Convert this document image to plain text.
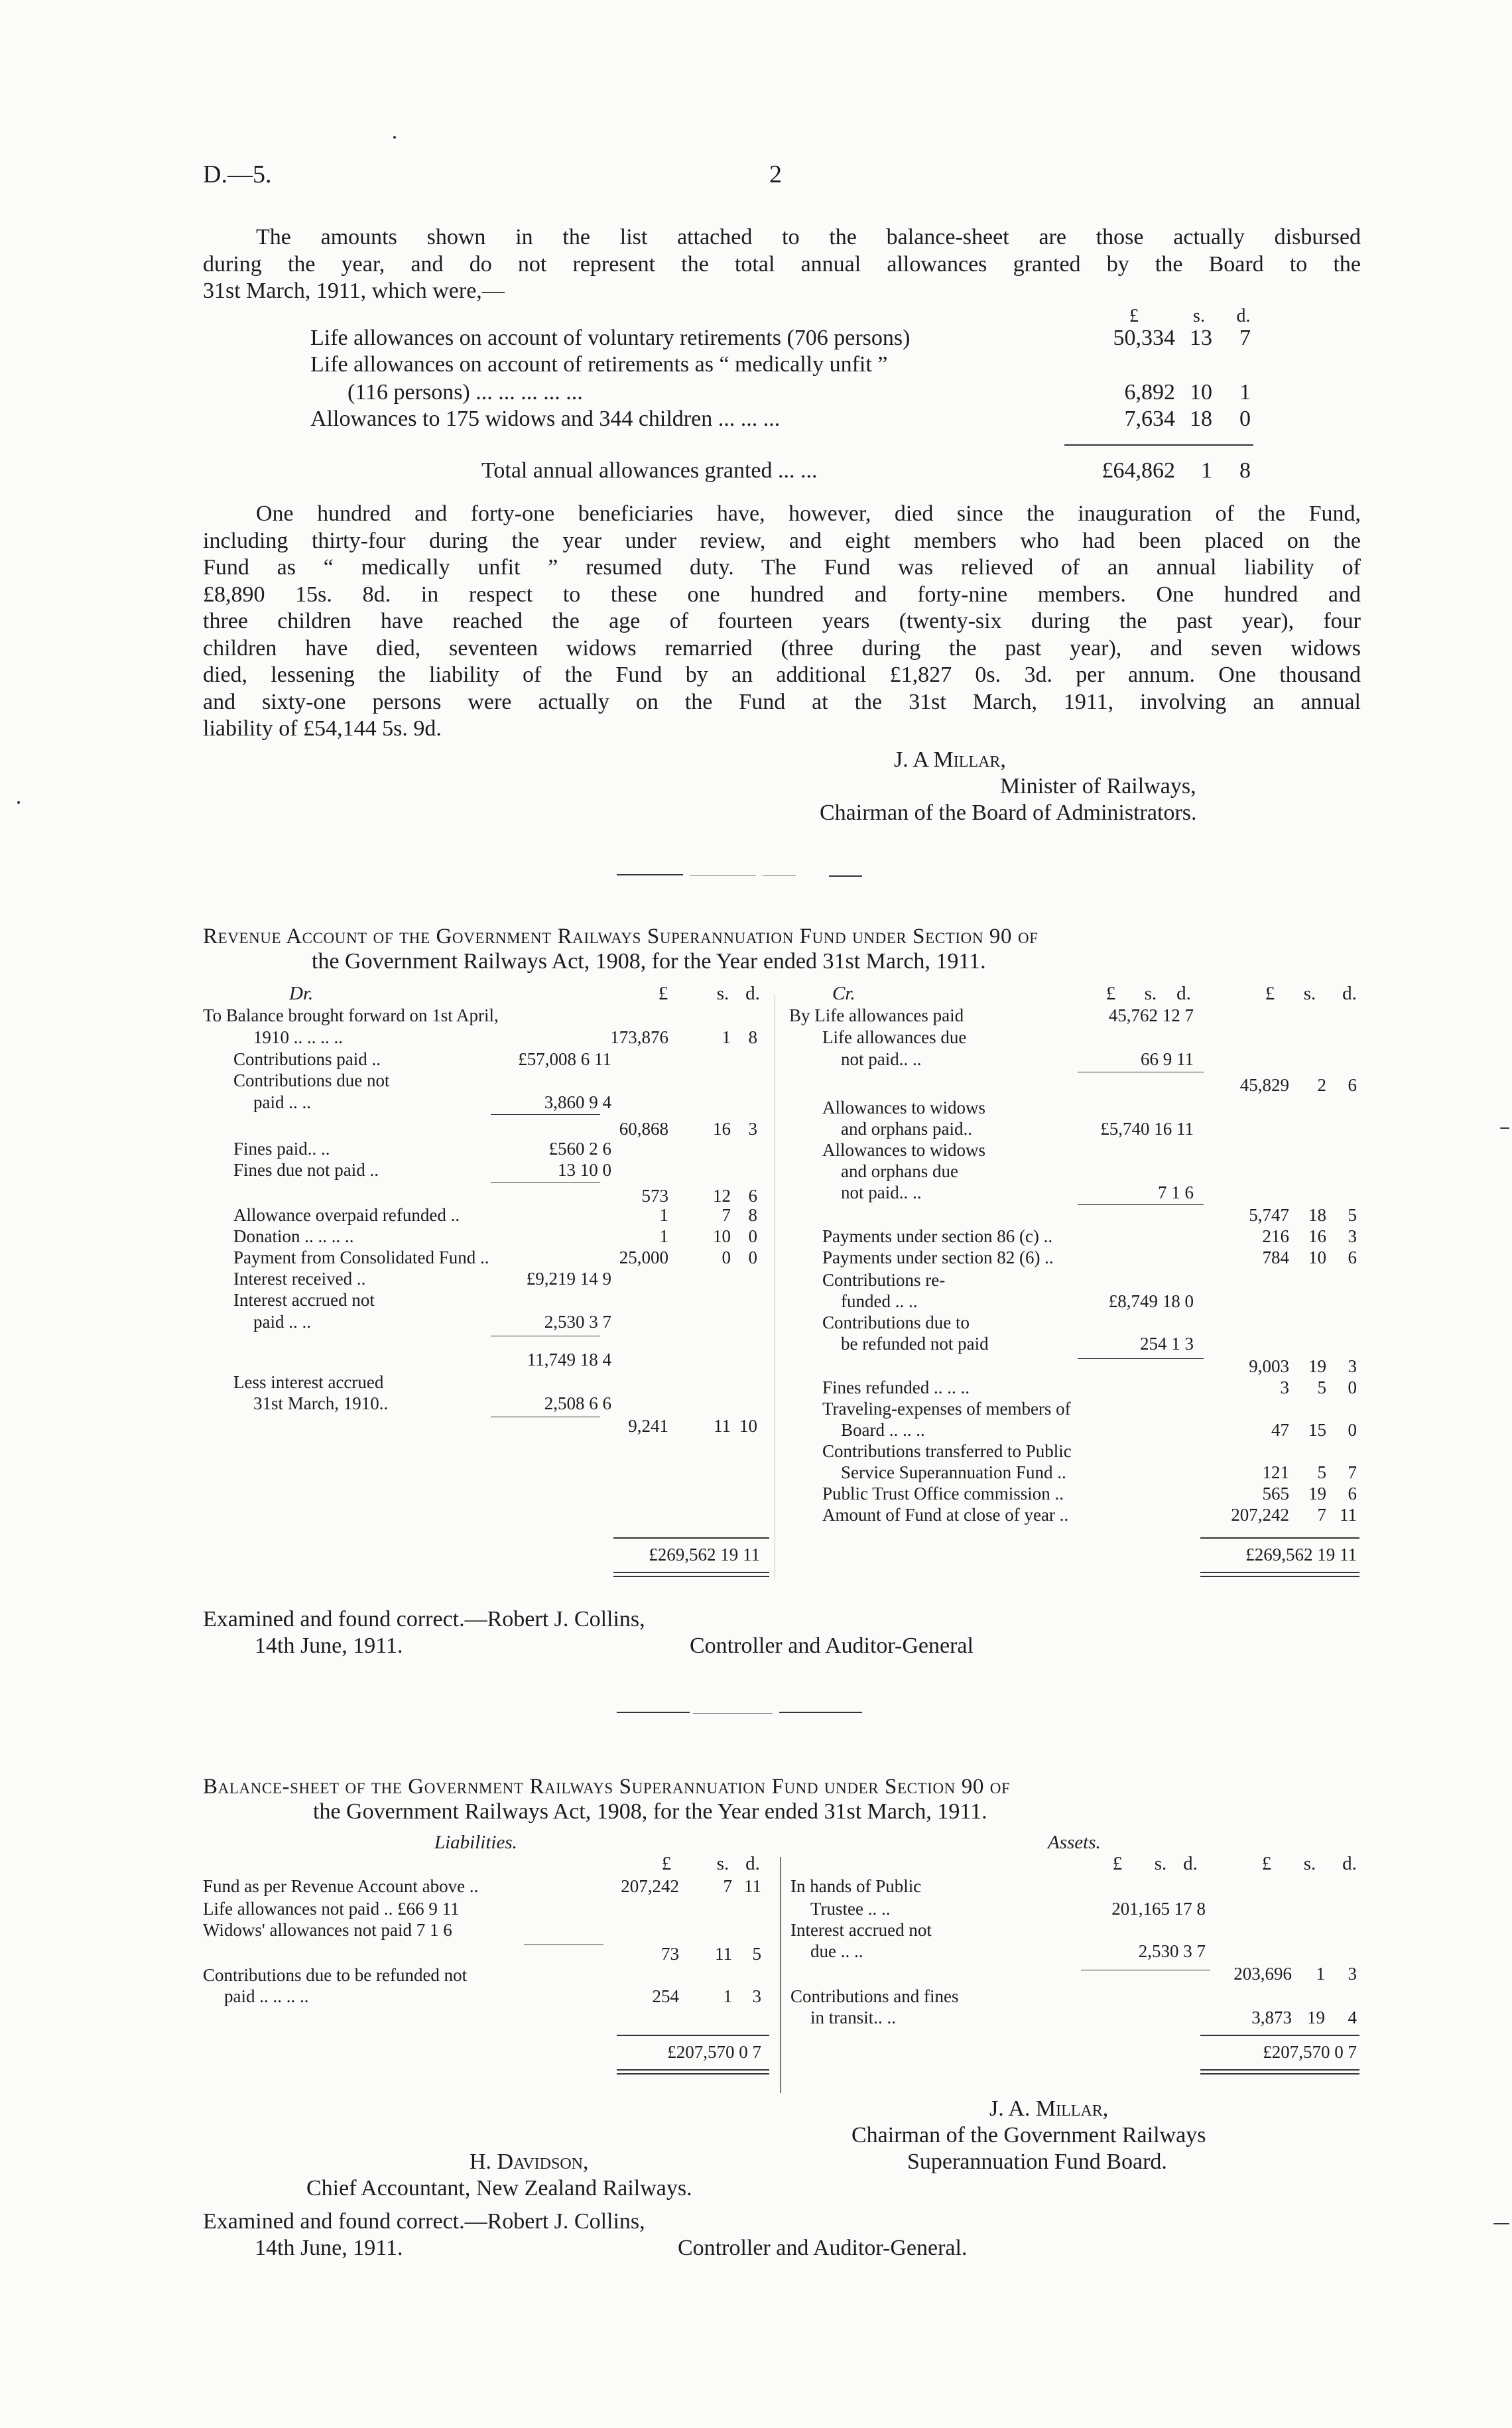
D.—5.	2
The amounts shown in the list attached to the balance-sheet are those actually disbursed
during the year, and do not represent the total annual allowances granted by the Board to the
31st March, 1911, which were,—
£	s.	d.
Life allowances on account of voluntary retirements (706 persons)	50,334 13	7
Life allowances on account of retirements as “ medically unfit ”
(116 persons) ... ... ... ... ...	6,892 10	1
Allowances to 175 widows and 344 children ... ... ...	7,634 18	0
Total annual allowances granted ... ...	£64,862	1	8
One hundred and forty-one beneficiaries have, however, died since the inauguration of the Fund,
including thirty-four during the year under review, and eight members who had been placed on the
Fund as “ medically unfit ” resumed duty. The Fund was relieved of an annual liability of
£8,890 15s. 8d. in respect to these one hundred and forty-nine members. One hundred and
three children have reached the age of fourteen years (twenty-six during the past year), four
children have died, seventeen widows remarried (three during the past year), and seven widows
died, lessening the liability of the Fund by an additional £1,827 0s. 3d. per annum. One thousand
and sixty-one persons were actually on the Fund at the 31st March, 1911, involving an annual
liability of £54,144 5s. 9d.
J. A Millar,
Minister of Railways,
Chairman of the Board of Administrators.
Revenue Account of the Government Railways Superannuation Fund under Section 90 of
the Government Railways Act, 1908, for the Year ended 31st March, 1911.
Dr.	£	s. d.	Cr.	£ s. d.	£ s. d.
To Balance brought forward on 1st April,
1910 .. .. .. ..	173,876	1 8
Contributions paid ..	£57,008 6 11
Contributions due not
paid .. ..	3,860 9 4
60,868	16 3
Fines paid.. ..	£560 2 6
Fines due not paid ..	13 10 0
573	12 6
Allowance overpaid refunded ..	1	7 8
Donation .. .. .. ..	1	10 0
Payment from Consolidated Fund ..	25,000	0 0
Interest received ..	£9,219 14 9
Interest accrued not
paid .. ..	2,530 3 7
11,749 18 4
Less interest accrued
31st March, 1910..	2,508 6 6
9,241	11 10
£269,562 19 11
By Life allowances paid	45,762 12 7
Life allowances due
not paid.. ..	66 9 11
45,829	2	6
Allowances to widows
and orphans paid..	£5,740 16 11
Allowances to widows
and orphans due
not paid.. ..	7 1 6
5,747	18	5
Payments under section 86 (c) ..	216	16	3
Payments under section 82 (6) ..	784	10	6
Contributions re-
funded .. ..	£8,749 18 0
Contributions due to
be refunded not paid	254 1 3
9,003	19	3
Fines refunded .. .. ..	3	5	0
Traveling-expenses of members of
Board .. .. ..	47	15	0
Contributions transferred to Public
Service Superannuation Fund ..	121	5	7
Public Trust Office commission ..	565	19	6
Amount of Fund at close of year ..	207,242	7 11
£269,562 19 11
Examined and found correct.—Robert J. Collins,
14th June, 1911.	Controller and Auditor-General
Balance-sheet of the Government Railways Superannuation Fund under Section 90 of
the Government Railways Act, 1908, for the Year ended 31st March, 1911.
Liabilities.	Assets.
£ s. d.	£ s. d.	£ s. d.
Fund as per Revenue Account above ..	207,242	7 11
Life allowances not paid .. £66 9 11
Widows' allowances not paid 7 1 6
73	11	5
Contributions due to be refunded not
paid .. .. .. ..	254	1	3
£207,570 0 7
In hands of Public
Trustee .. ..	201,165 17 8
Interest accrued not
due .. ..	2,530 3 7
203,696	1	3
Contributions and fines
in transit.. ..	3,873 19	4
£207,570 0 7
J. A. Millar,
Chairman of the Government Railways
Superannuation Fund Board.
H. Davidson,
Chief Accountant, New Zealand Railways.
Examined and found correct.—Robert J. Collins,
14th June, 1911.	Controller and Auditor-General.
